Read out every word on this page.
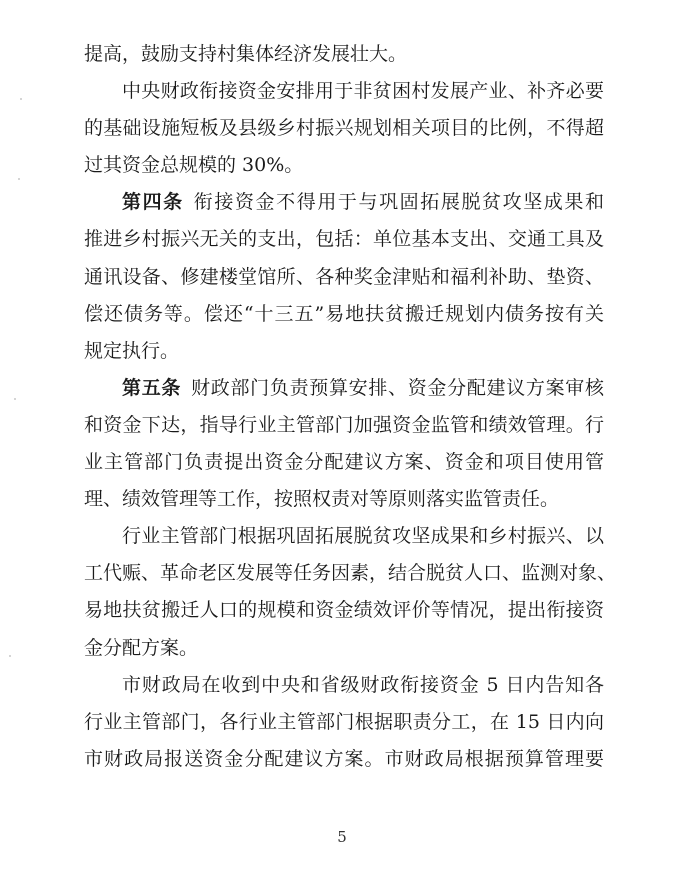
提高，鼓励支持村集体经济发展壮大。
中央财政衔接资金安排用于非贫困村发展产业、补齐必要
的基础设施短板及县级乡村振兴规划相关项目的比例，不得超
过其资金总规模的 30%。
第四条 衔接资金不得用于与巩固拓展脱贫攻坚成果和
推进乡村振兴无关的支出，包括：单位基本支出、交通工具及
通讯设备、修建楼堂馆所、各种奖金津贴和福利补助、垫资、
偿还债务等。偿还“十三五”易地扶贫搬迁规划内债务按有关
规定执行。
第五条 财政部门负责预算安排、资金分配建议方案审核
和资金下达，指导行业主管部门加强资金监管和绩效管理。行
业主管部门负责提出资金分配建议方案、资金和项目使用管
理、绩效管理等工作，按照权责对等原则落实监管责任。
行业主管部门根据巩固拓展脱贫攻坚成果和乡村振兴、以
工代赈、革命老区发展等任务因素，结合脱贫人口、监测对象、
易地扶贫搬迁人口的规模和资金绩效评价等情况，提出衔接资
金分配方案。
市财政局在收到中央和省级财政衔接资金 5 日内告知各
行业主管部门，各行业主管部门根据职责分工，在 15 日内向
市财政局报送资金分配建议方案。市财政局根据预算管理要
5
